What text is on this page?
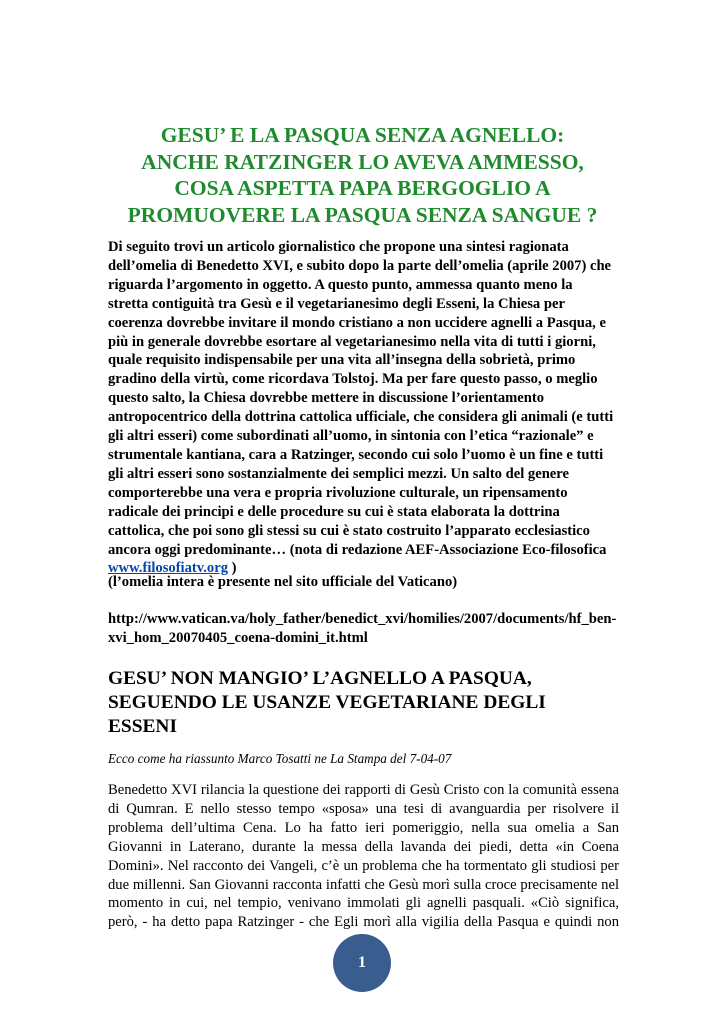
GESU’ E LA PASQUA SENZA AGNELLO:
ANCHE RATZINGER LO AVEVA AMMESSO,
COSA ASPETTA PAPA BERGOGLIO A
PROMUOVERE LA PASQUA SENZA SANGUE ?

Di seguito trovi un articolo giornalistico che propone una sintesi ragionata
dell’omelia di Benedetto XVI, e subito dopo la parte dell’omelia (aprile 2007) che
riguarda l’argomento in oggetto. A questo punto, ammessa quanto meno la
stretta contiguità tra Gesù e il vegetarianesimo degli Esseni, la Chiesa per
coerenza dovrebbe invitare il mondo cristiano a non uccidere agnelli a Pasqua, e
più in generale dovrebbe esortare al vegetarianesimo nella vita di tutti i giorni,
quale requisito indispensabile per una vita all’insegna della sobrietà, primo
gradino della virtù, come ricordava Tolstoj. Ma per fare questo passo, o meglio
questo salto, la Chiesa dovrebbe mettere in discussione l’orientamento
antropocentrico della dottrina cattolica ufficiale, che considera gli animali (e tutti
gli altri esseri) come subordinati all’uomo, in sintonia con l’etica “razionale” e
strumentale kantiana, cara a Ratzinger, secondo cui solo l’uomo è un fine e tutti
gli altri esseri sono sostanzialmente dei semplici mezzi. Un salto del genere
comporterebbe una vera e propria rivoluzione culturale, un ripensamento
radicale dei principi e delle procedure su cui è stata elaborata la dottrina
cattolica, che poi sono gli stessi su cui è stato costruito l’apparato ecclesiastico
ancora oggi predominante… (nota di redazione AEF-Associazione Eco-filosofica
www.filosofiatv.org )

(l’omelia intera è presente nel sito ufficiale del Vaticano)

http://www.vatican.va/holy_father/benedict_xvi/homilies/2007/documents/hf_ben-
xvi_hom_20070405_coena-domini_it.html

GESU’ NON MANGIO’ L’AGNELLO A PASQUA,
SEGUENDO LE USANZE VEGETARIANE DEGLI
ESSENI

Ecco come ha riassunto Marco Tosatti ne La Stampa del 7-04-07

Benedetto XVI rilancia la questione dei rapporti di Gesù Cristo con la comunità essena
di Qumran. E nello stesso tempo «sposa» una tesi di avanguardia per risolvere il
problema dell’ultima Cena. Lo ha fatto ieri pomeriggio, nella sua omelia a San
Giovanni in Laterano, durante la messa della lavanda dei piedi, detta «in Coena
Domini». Nel racconto dei Vangeli, c’è un problema che ha tormentato gli studiosi per
due millenni. San Giovanni racconta infatti che Gesù morì sulla croce precisamente nel
momento in cui, nel tempio, venivano immolati gli agnelli pasquali. «Ciò significa,
però, - ha detto papa Ratzinger - che Egli morì alla vigilia della Pasqua e quindi non

1
